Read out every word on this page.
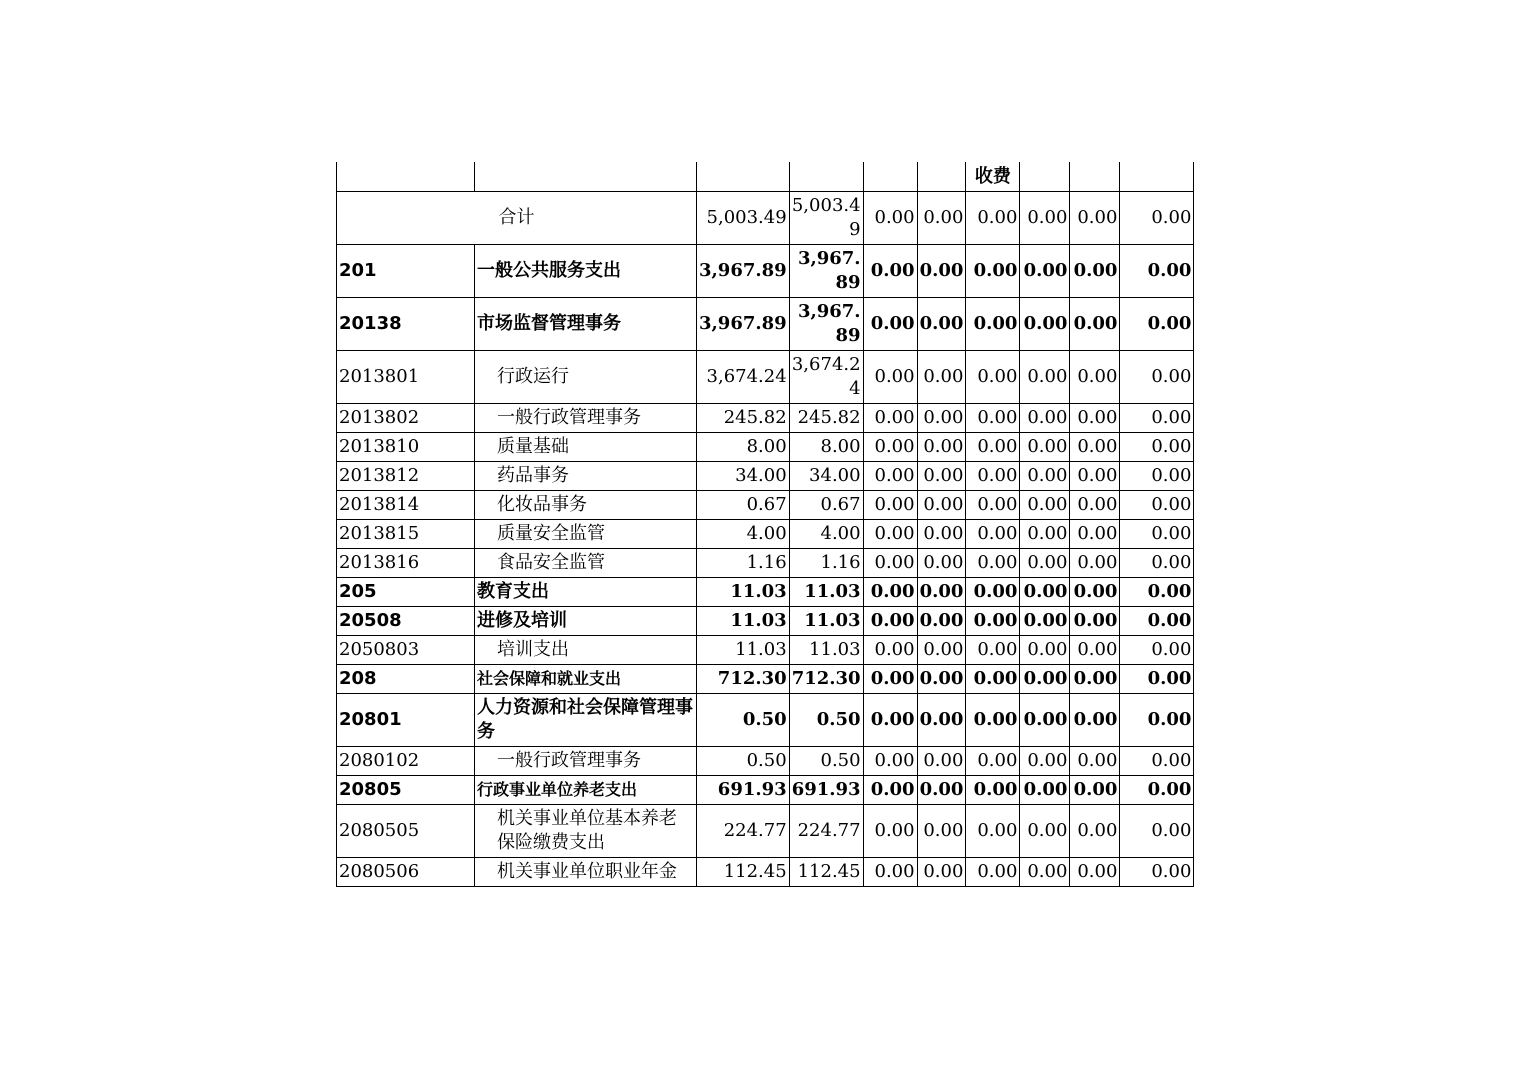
						收费			
合计		5,003.49	5,003.49	0.00	0.00	0.00	0.00	0.00	0.00
201	一般公共服务支出	3,967.89	3,967.89	0.00	0.00	0.00	0.00	0.00	0.00
20138	市场监督管理事务	3,967.89	3,967.89	0.00	0.00	0.00	0.00	0.00	0.00
2013801	行政运行	3,674.24	3,674.24	0.00	0.00	0.00	0.00	0.00	0.00
2013802	一般行政管理事务	245.82	245.82	0.00	0.00	0.00	0.00	0.00	0.00
2013810	质量基础	8.00	8.00	0.00	0.00	0.00	0.00	0.00	0.00
2013812	药品事务	34.00	34.00	0.00	0.00	0.00	0.00	0.00	0.00
2013814	化妆品事务	0.67	0.67	0.00	0.00	0.00	0.00	0.00	0.00
2013815	质量安全监管	4.00	4.00	0.00	0.00	0.00	0.00	0.00	0.00
2013816	食品安全监管	1.16	1.16	0.00	0.00	0.00	0.00	0.00	0.00
205	教育支出	11.03	11.03	0.00	0.00	0.00	0.00	0.00	0.00
20508	进修及培训	11.03	11.03	0.00	0.00	0.00	0.00	0.00	0.00
2050803	培训支出	11.03	11.03	0.00	0.00	0.00	0.00	0.00	0.00
208	社会保障和就业支出	712.30	712.30	0.00	0.00	0.00	0.00	0.00	0.00
20801	人力资源和社会保障管理事务	0.50	0.50	0.00	0.00	0.00	0.00	0.00	0.00
2080102	一般行政管理事务	0.50	0.50	0.00	0.00	0.00	0.00	0.00	0.00
20805	行政事业单位养老支出	691.93	691.93	0.00	0.00	0.00	0.00	0.00	0.00
2080505	机关事业单位基本养老保险缴费支出	224.77	224.77	0.00	0.00	0.00	0.00	0.00	0.00
2080506	机关事业单位职业年金	112.45	112.45	0.00	0.00	0.00	0.00	0.00	0.00
